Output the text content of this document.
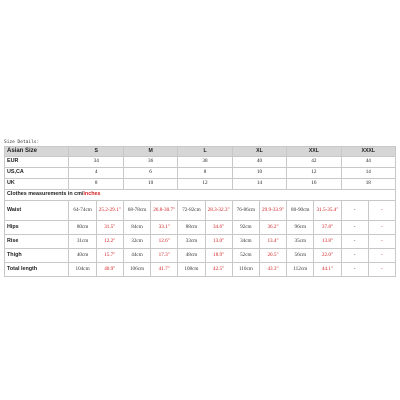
Size Details:
Asian Size	S		M		L		XL		XXL		XXXL	
EUR	34		36		38		40		42		44	
US,CA	4		6		8		10		12		14	
UK	8		10		12		14		16		18	
Clothes measurements in cm/inches												
Waist	64-74cm	25.2-29.1"	68-78cm	26.8-30.7"	72-82cm	28.3-32.3"	76-86cm	29.9-33.9"	80-90cm	31.5-35.4"	-	-
Hips	80cm	31.5"	84cm	33.1"	88cm	34.6"	92cm	36.2"	96cm	37.8"	-	-
Rise	31cm	12.2"	32cm	12.6"	33cm	13.0"	34cm	13.4"	35cm	13.8"	-	-
Thigh	40cm	15.7"	44cm	17.3"	48cm	18.9"	52cm	20.5"	56cm	22.0"	-	-
Total length	104cm	40.9"	106cm	41.7"	108cm	42.5"	110cm	43.3"	112cm	44.1"	-	-
